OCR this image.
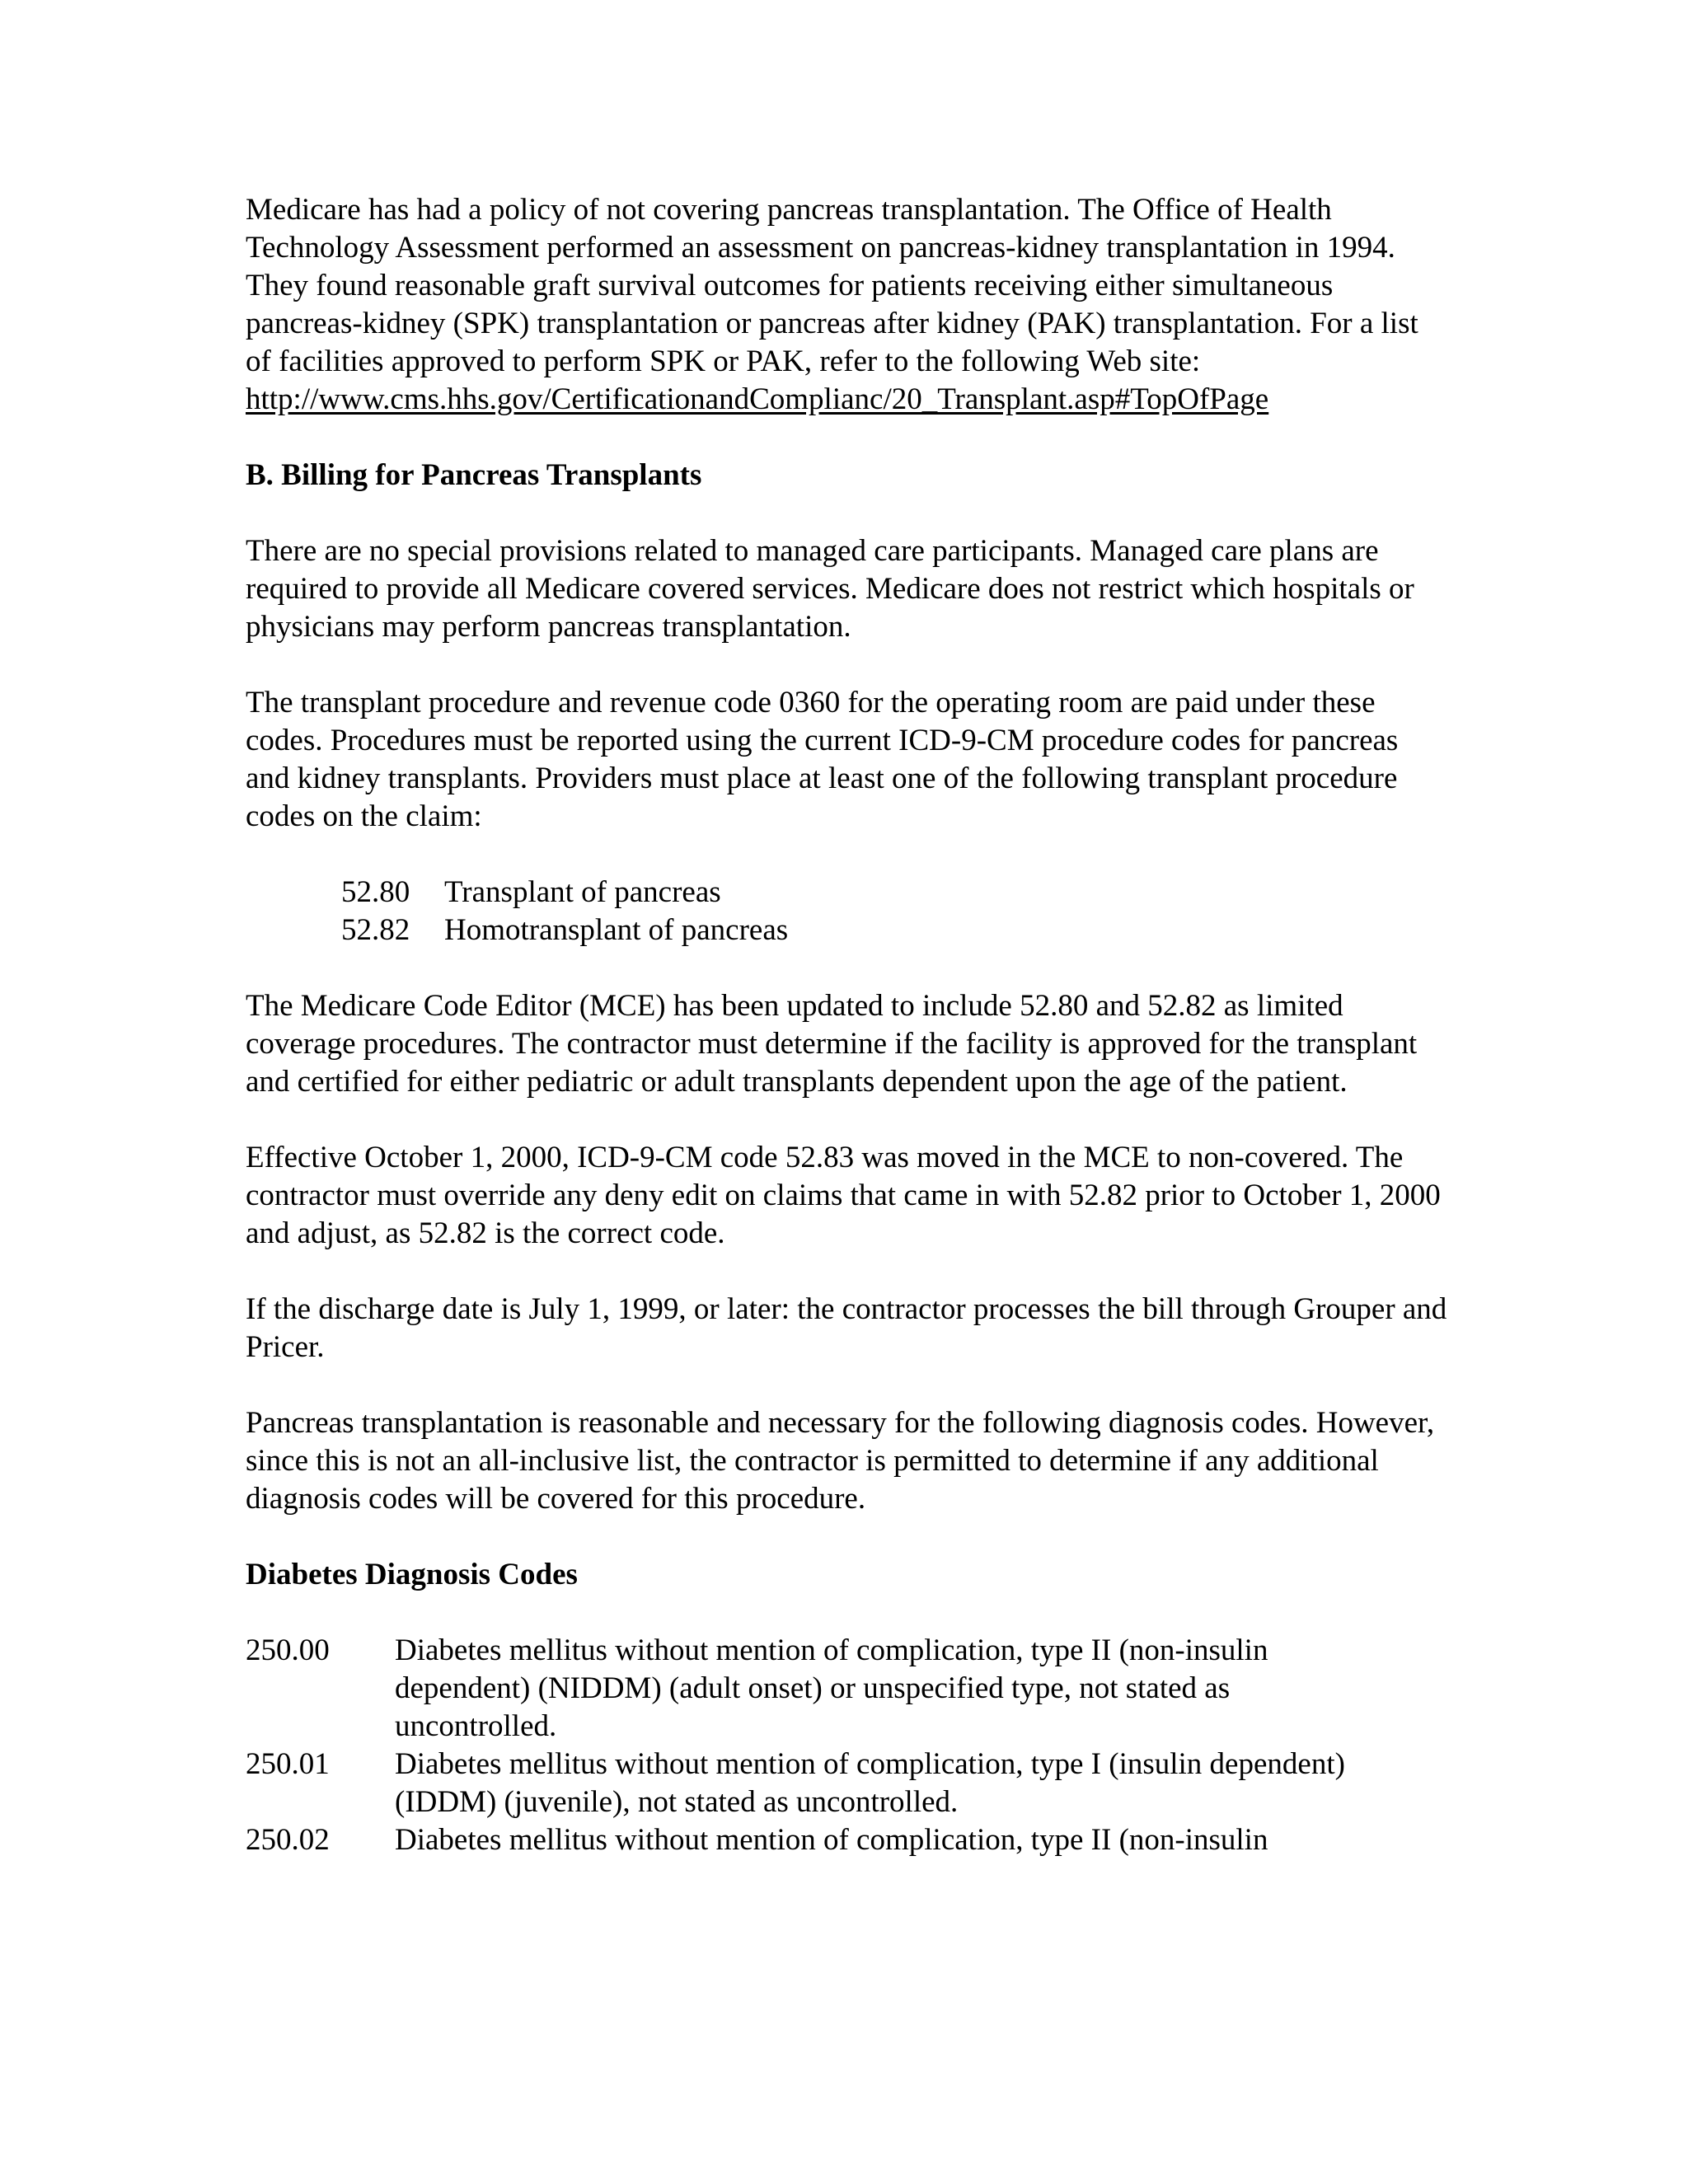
Medicare has had a policy of not covering pancreas transplantation. The Office of Health Technology Assessment performed an assessment on pancreas-kidney transplantation in 1994. They found reasonable graft survival outcomes for patients receiving either simultaneous pancreas-kidney (SPK) transplantation or pancreas after kidney (PAK) transplantation. For a list of facilities approved to perform SPK or PAK, refer to the following Web site:

http://www.cms.hhs.gov/CertificationandComplianc/20_Transplant.asp#TopOfPage

B. Billing for Pancreas Transplants

There are no special provisions related to managed care participants. Managed care plans are required to provide all Medicare covered services. Medicare does not restrict which hospitals or physicians may perform pancreas transplantation.

The transplant procedure and revenue code 0360 for the operating room are paid under these codes. Procedures must be reported using the current ICD-9-CM procedure codes for pancreas and kidney transplants. Providers must place at least one of the following transplant procedure codes on the claim:

52.80	Transplant of pancreas
52.82	Homotransplant of pancreas

The Medicare Code Editor (MCE) has been updated to include 52.80 and 52.82 as limited coverage procedures. The contractor must determine if the facility is approved for the transplant and certified for either pediatric or adult transplants dependent upon the age of the patient.

Effective October 1, 2000, ICD-9-CM code 52.83 was moved in the MCE to non-covered. The contractor must override any deny edit on claims that came in with 52.82 prior to October 1, 2000 and adjust, as 52.82 is the correct code.

If the discharge date is July 1, 1999, or later: the contractor processes the bill through Grouper and Pricer.

Pancreas transplantation is reasonable and necessary for the following diagnosis codes. However, since this is not an all-inclusive list, the contractor is permitted to determine if any additional diagnosis codes will be covered for this procedure.

Diabetes Diagnosis Codes

250.00	Diabetes mellitus without mention of complication, type II (non-insulin dependent) (NIDDM) (adult onset) or unspecified type, not stated as uncontrolled.
250.01	Diabetes mellitus without mention of complication, type I (insulin dependent) (IDDM) (juvenile), not stated as uncontrolled.
250.02	Diabetes mellitus without mention of complication, type II (non-insulin
